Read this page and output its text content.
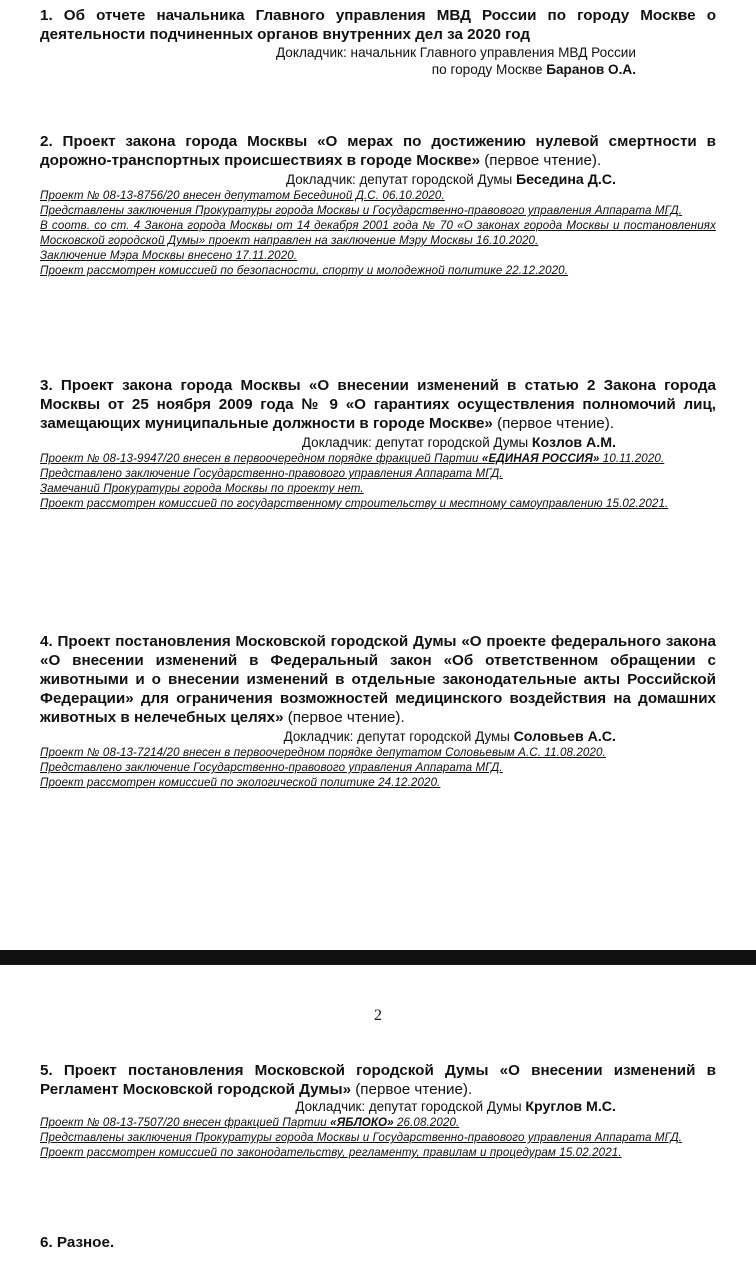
1. Об отчете начальника Главного управления МВД России по городу Москве о деятельности подчиненных органов внутренних дел за 2020 год

Докладчик: начальник Главного управления МВД России
по городу Москве Баранов О.А.

2. Проект закона города Москвы «О мерах по достижению нулевой смертности в дорожно-транспортных происшествиях в городе Москве» (первое чтение).

Докладчик: депутат городской Думы Беседина Д.С.

Проект № 08-13-8756/20 внесен депутатом Бесединой Д.С. 06.10.2020.

Представлены заключения Прокуратуры города Москвы и Государственно-правового управления Аппарата МГД.

В соотв. со ст. 4 Закона города Москвы от 14 декабря 2001 года № 70 «О законах города Москвы и постановлениях Московской городской Думы» проект направлен на заключение Мэру Москвы 16.10.2020.

Заключение Мэра Москвы внесено 17.11.2020.

Проект рассмотрен комиссией по безопасности, спорту и молодежной политике 22.12.2020.

3. Проект закона города Москвы «О внесении изменений в статью 2 Закона города Москвы от 25 ноября 2009 года № 9 «О гарантиях осуществления полномочий лиц, замещающих муниципальные должности в городе Москве» (первое чтение).

Докладчик: депутат городской Думы Козлов А.М.

Проект № 08-13-9947/20 внесен в первоочередном порядке фракцией Партии «ЕДИНАЯ РОССИЯ» 10.11.2020.

Представлено заключение Государственно-правового управления Аппарата МГД.

Замечаний Прокуратуры города Москвы по проекту нет.

Проект рассмотрен комиссией по государственному строительству и местному самоуправлению 15.02.2021.

4. Проект постановления Московской городской Думы «О проекте федерального закона «О внесении изменений в Федеральный закон «Об ответственном обращении с животными и о внесении изменений в отдельные законодательные акты Российской Федерации» для ограничения возможностей медицинского воздействия на домашних животных в нелечебных целях» (первое чтение).

Докладчик: депутат городской Думы Соловьев А.С.

Проект № 08-13-7214/20 внесен в первоочередном порядке депутатом Соловьевым А.С. 11.08.2020.

Представлено заключение Государственно-правового управления Аппарата МГД.

Проект рассмотрен комиссией по экологической политике 24.12.2020.

2

5. Проект постановления Московской городской Думы «О внесении изменений в Регламент Московской городской Думы» (первое чтение).

Докладчик: депутат городской Думы Круглов М.С.

Проект № 08-13-7507/20 внесен фракцией Партии «ЯБЛОКО» 26.08.2020.

Представлены заключения Прокуратуры города Москвы и Государственно-правового управления Аппарата МГД.

Проект рассмотрен комиссией по законодательству, регламенту, правилам и процедурам 15.02.2021.

6. Разное.
